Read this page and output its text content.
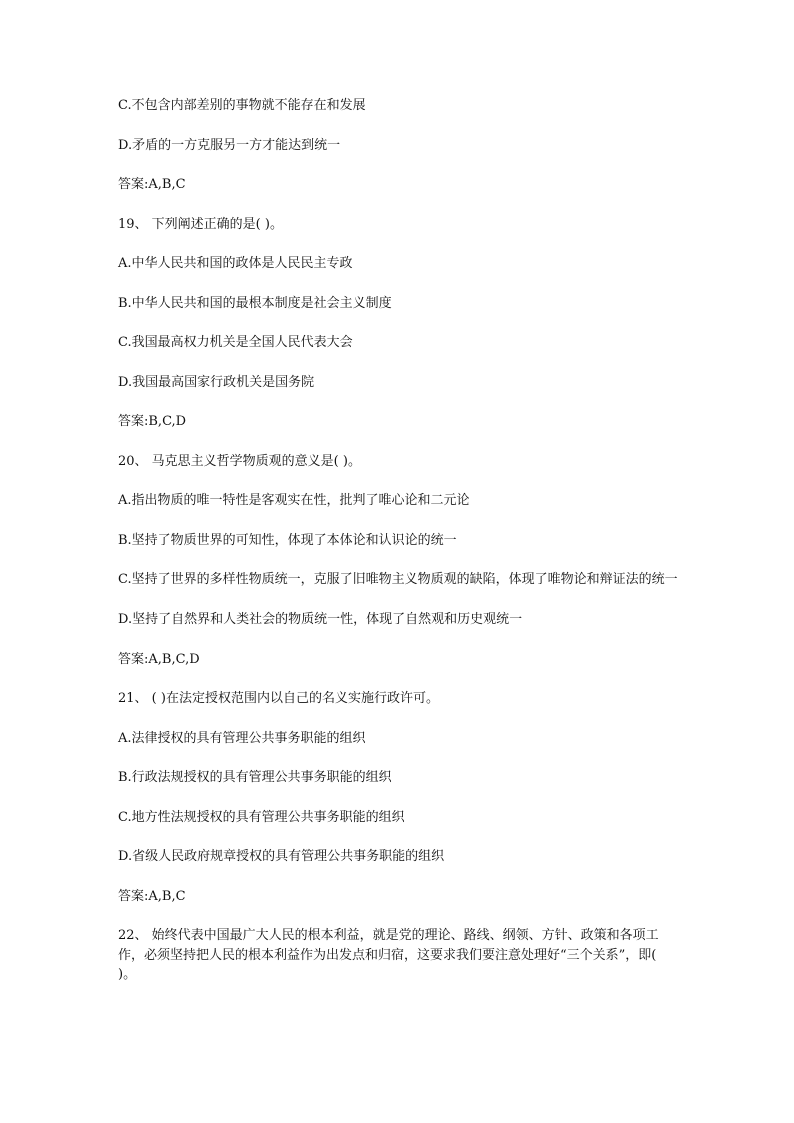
C.不包含内部差别的事物就不能存在和发展

D.矛盾的一方克服另一方才能达到统一

答案:A,B,C

19、 下列阐述正确的是( )。

A.中华人民共和国的政体是人民民主专政

B.中华人民共和国的最根本制度是社会主义制度

C.我国最高权力机关是全国人民代表大会

D.我国最高国家行政机关是国务院

答案:B,C,D

20、 马克思主义哲学物质观的意义是( )。

A.指出物质的唯一特性是客观实在性，批判了唯心论和二元论

B.坚持了物质世界的可知性，体现了本体论和认识论的统一

C.坚持了世界的多样性物质统一，克服了旧唯物主义物质观的缺陷，体现了唯物论和辩证法的统一

D.坚持了自然界和人类社会的物质统一性，体现了自然观和历史观统一

答案:A,B,C,D

21、 ( )在法定授权范围内以自己的名义实施行政许可。

A.法律授权的具有管理公共事务职能的组织

B.行政法规授权的具有管理公共事务职能的组织

C.地方性法规授权的具有管理公共事务职能的组织

D.省级人民政府规章授权的具有管理公共事务职能的组织

答案:A,B,C

22、 始终代表中国最广大人民的根本利益，就是党的理论、路线、纲领、方针、政策和各项工作，必须坚持把人民的根本利益作为出发点和归宿，这要求我们要注意处理好“三个关系”，即( )。
